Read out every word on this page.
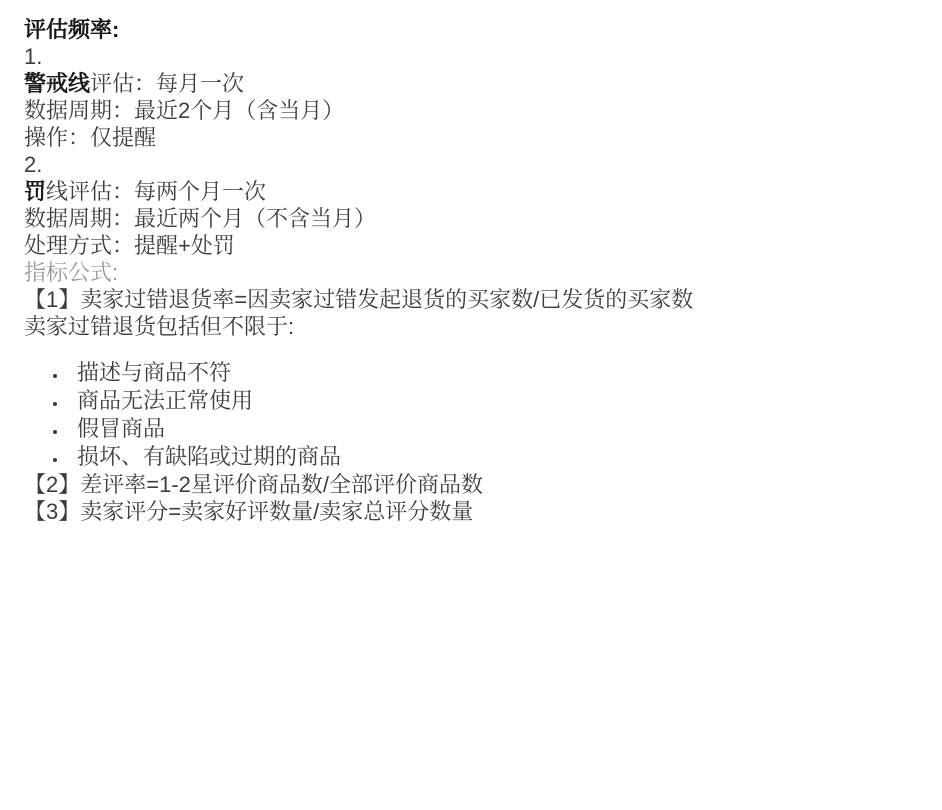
评估频率:

1.
警戒线评估：每月一次
数据周期：最近2个月（含当月）
操作：仅提醒

2.

罚线评估：每两个月一次
数据周期：最近两个月（不含当月）
处理方式：提醒+处罚

指标公式:

【1】卖家过错退货率=因卖家过错发起退货的买家数/已发货的买家数

卖家过错退货包括但不限于:

• 描述与商品不符
• 商品无法正常使用
• 假冒商品
• 损坏、有缺陷或过期的商品

【2】差评率=1-2星评价商品数/全部评价商品数

【3】卖家评分=卖家好评数量/卖家总评分数量
